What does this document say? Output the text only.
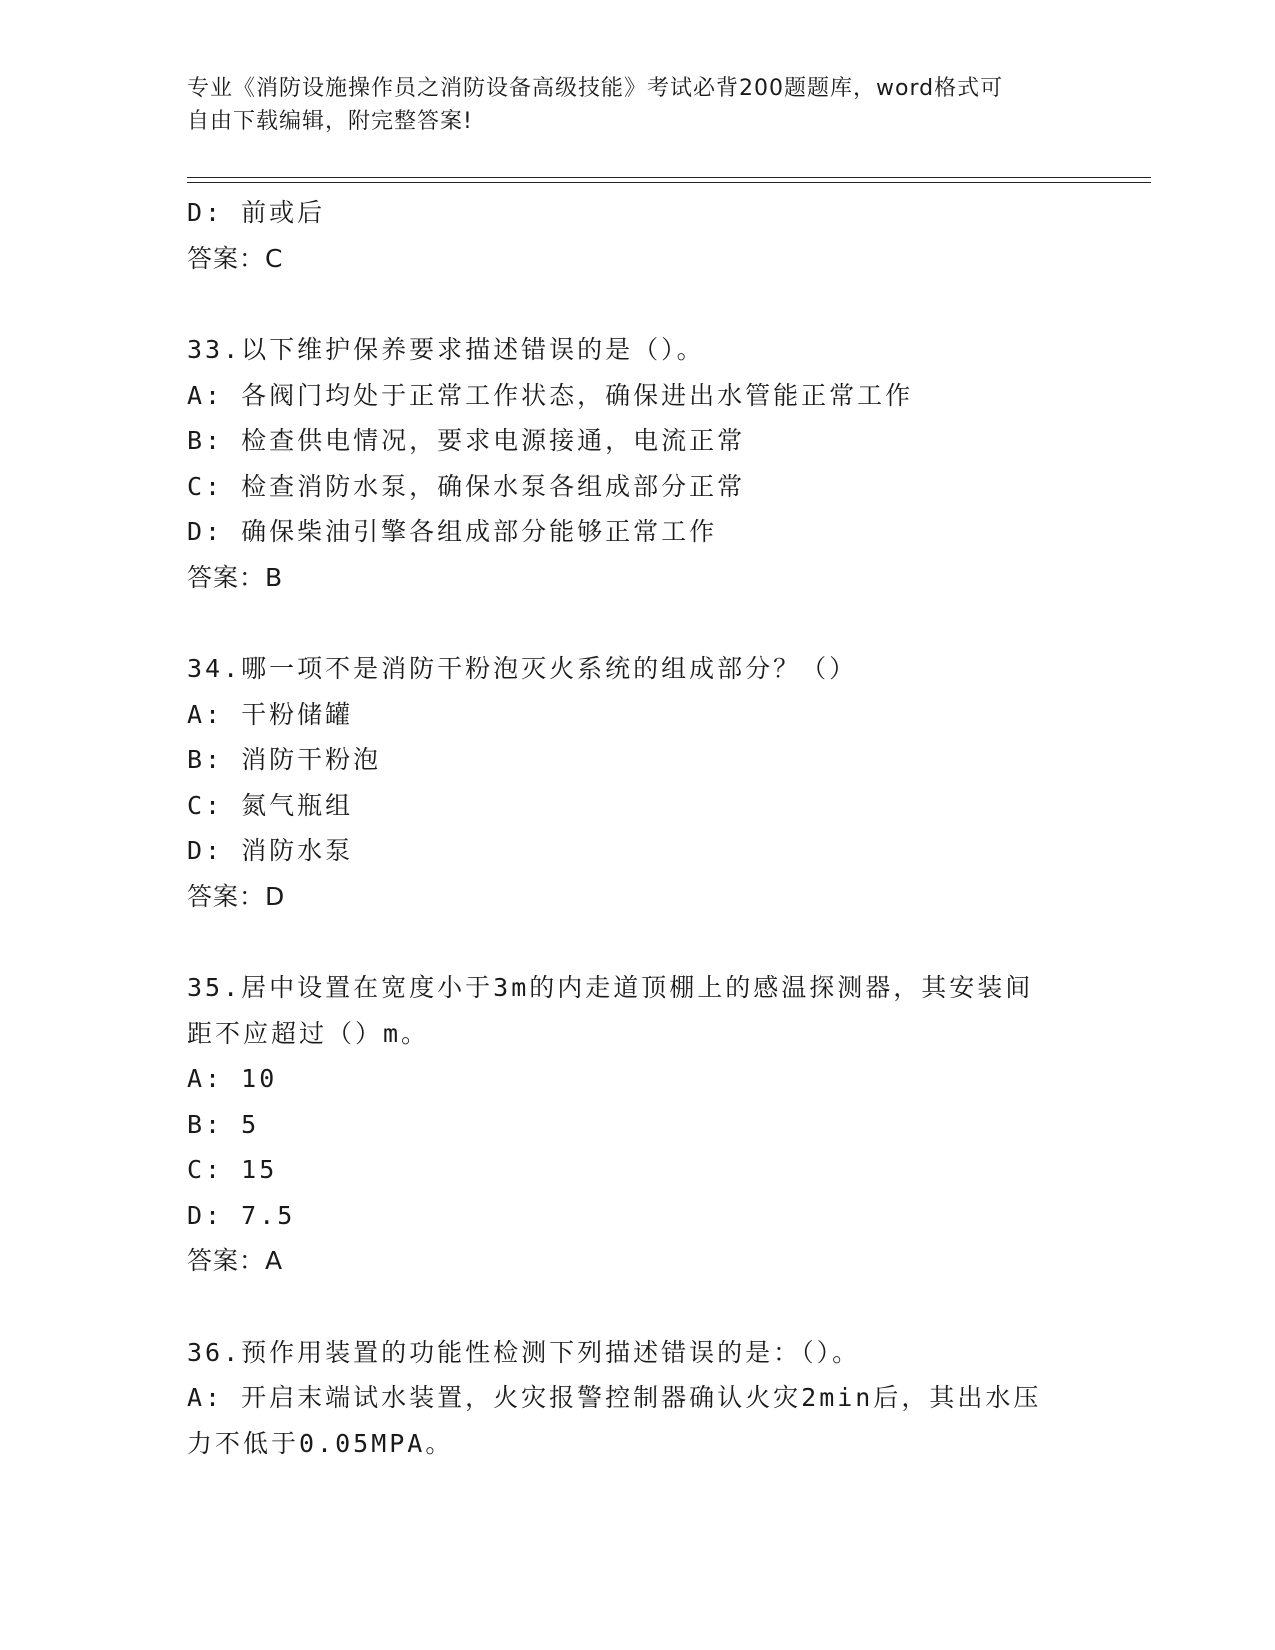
专业《消防设施操作员之消防设备高级技能》考试必背200题题库，word格式可
自由下载编辑，附完整答案!
D: 前或后
答案：C
33.以下维护保养要求描述错误的是（）。
A: 各阀门均处于正常工作状态，确保进出水管能正常工作
B: 检查供电情况，要求电源接通，电流正常
C: 检查消防水泵，确保水泵各组成部分正常
D: 确保柴油引擎各组成部分能够正常工作
答案：B
34.哪一项不是消防干粉泡灭火系统的组成部分？（）
A: 干粉储罐
B: 消防干粉泡
C: 氮气瓶组
D: 消防水泵
答案：D
35.居中设置在宽度小于3m的内走道顶棚上的感温探测器，其安装间
距不应超过（）m。
A: 10
B: 5
C: 15
D: 7.5
答案：A
36.预作用装置的功能性检测下列描述错误的是：（）。
A: 开启末端试水装置，火灾报警控制器确认火灾2min后，其出水压
力不低于0.05MPA。
